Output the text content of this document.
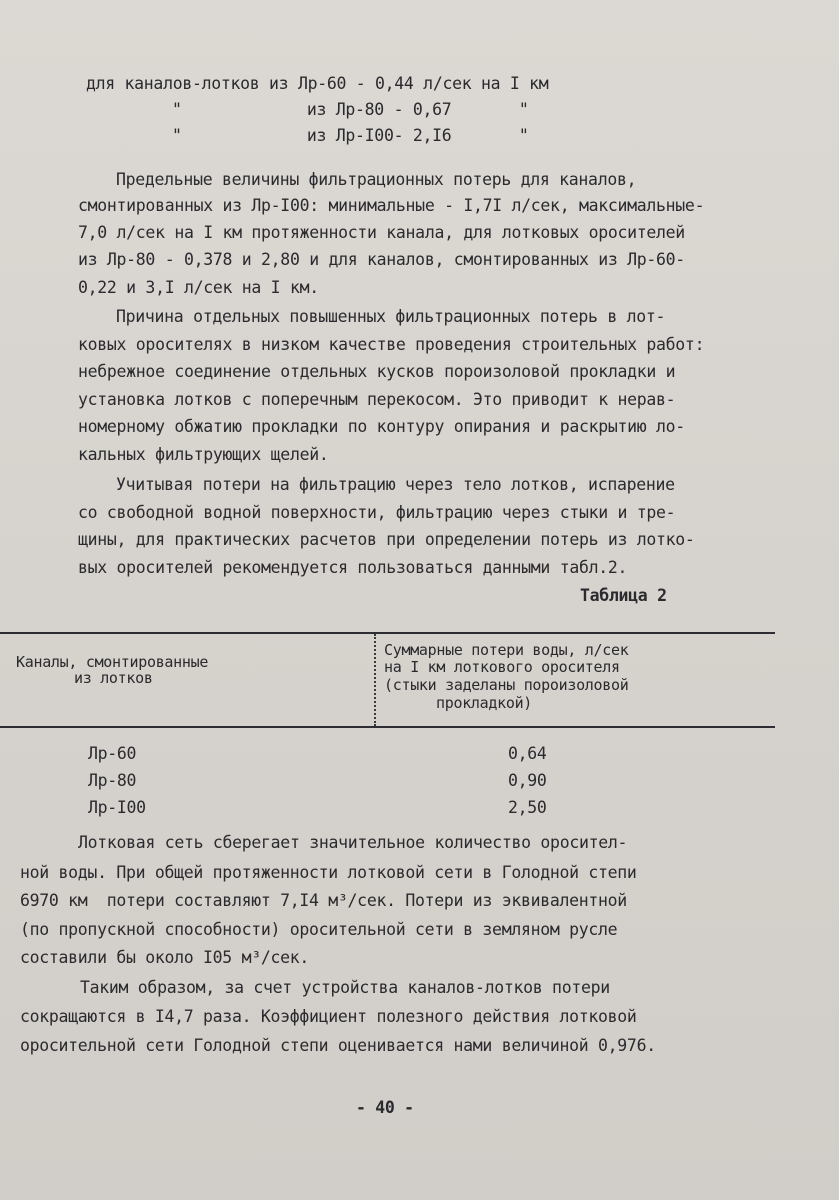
для каналов-лотков из Лр-60 - 0,44 л/сек на I км
"             из Лр-80 - 0,67       "
"             из Лр-I00- 2,I6       "
Предельные величины фильтрационных потерь для каналов,
смонтированных из Лр-I00: минимальные - I,7I л/сек, максимальные-
7,0 л/сек на I км протяженности канала, для лотковых оросителей
из Лр-80 - 0,378 и 2,80 и для каналов, смонтированных из Лр-60-
0,22 и 3,I л/сек на I км.
Причина отдельных повышенных фильтрационных потерь в лот-
ковых оросителях в низком качестве проведения строительных работ:
небрежное соединение отдельных кусков пороизоловой прокладки и
установка лотков с поперечным перекосом. Это приводит к нерав-
номерному обжатию прокладки по контуру опирания и раскрытию ло-
кальных фильтрующих щелей.
Учитывая потери на фильтрацию через тело лотков, испарение
со свободной водной поверхности, фильтрацию через стыки и тре-
щины, для практических расчетов при определении потерь из лотко-
вых оросителей рекомендуется пользоваться данными табл.2.
Таблица 2
Каналы, смонтированные
из лотков
Суммарные потери воды, л/сек
на I км лоткового оросителя
(стыки заделаны пороизоловой
прокладкой)
Лр-60	0,64
Лр-80	0,90
Лр-I00	2,50
Лотковая сеть сберегает значительное количество оросител-
ной воды. При общей протяженности лотковой сети в Голодной степи
6970 км  потери составляют 7,I4 м³/сек. Потери из эквивалентной
(по пропускной способности) оросительной сети в земляном русле
составили бы около I05 м³/сек.
Таким образом, за счет устройства каналов-лотков потери
сокращаются в I4,7 раза. Коэффициент полезного действия лотковой
оросительной сети Голодной степи оценивается нами величиной 0,976.
- 40 -
